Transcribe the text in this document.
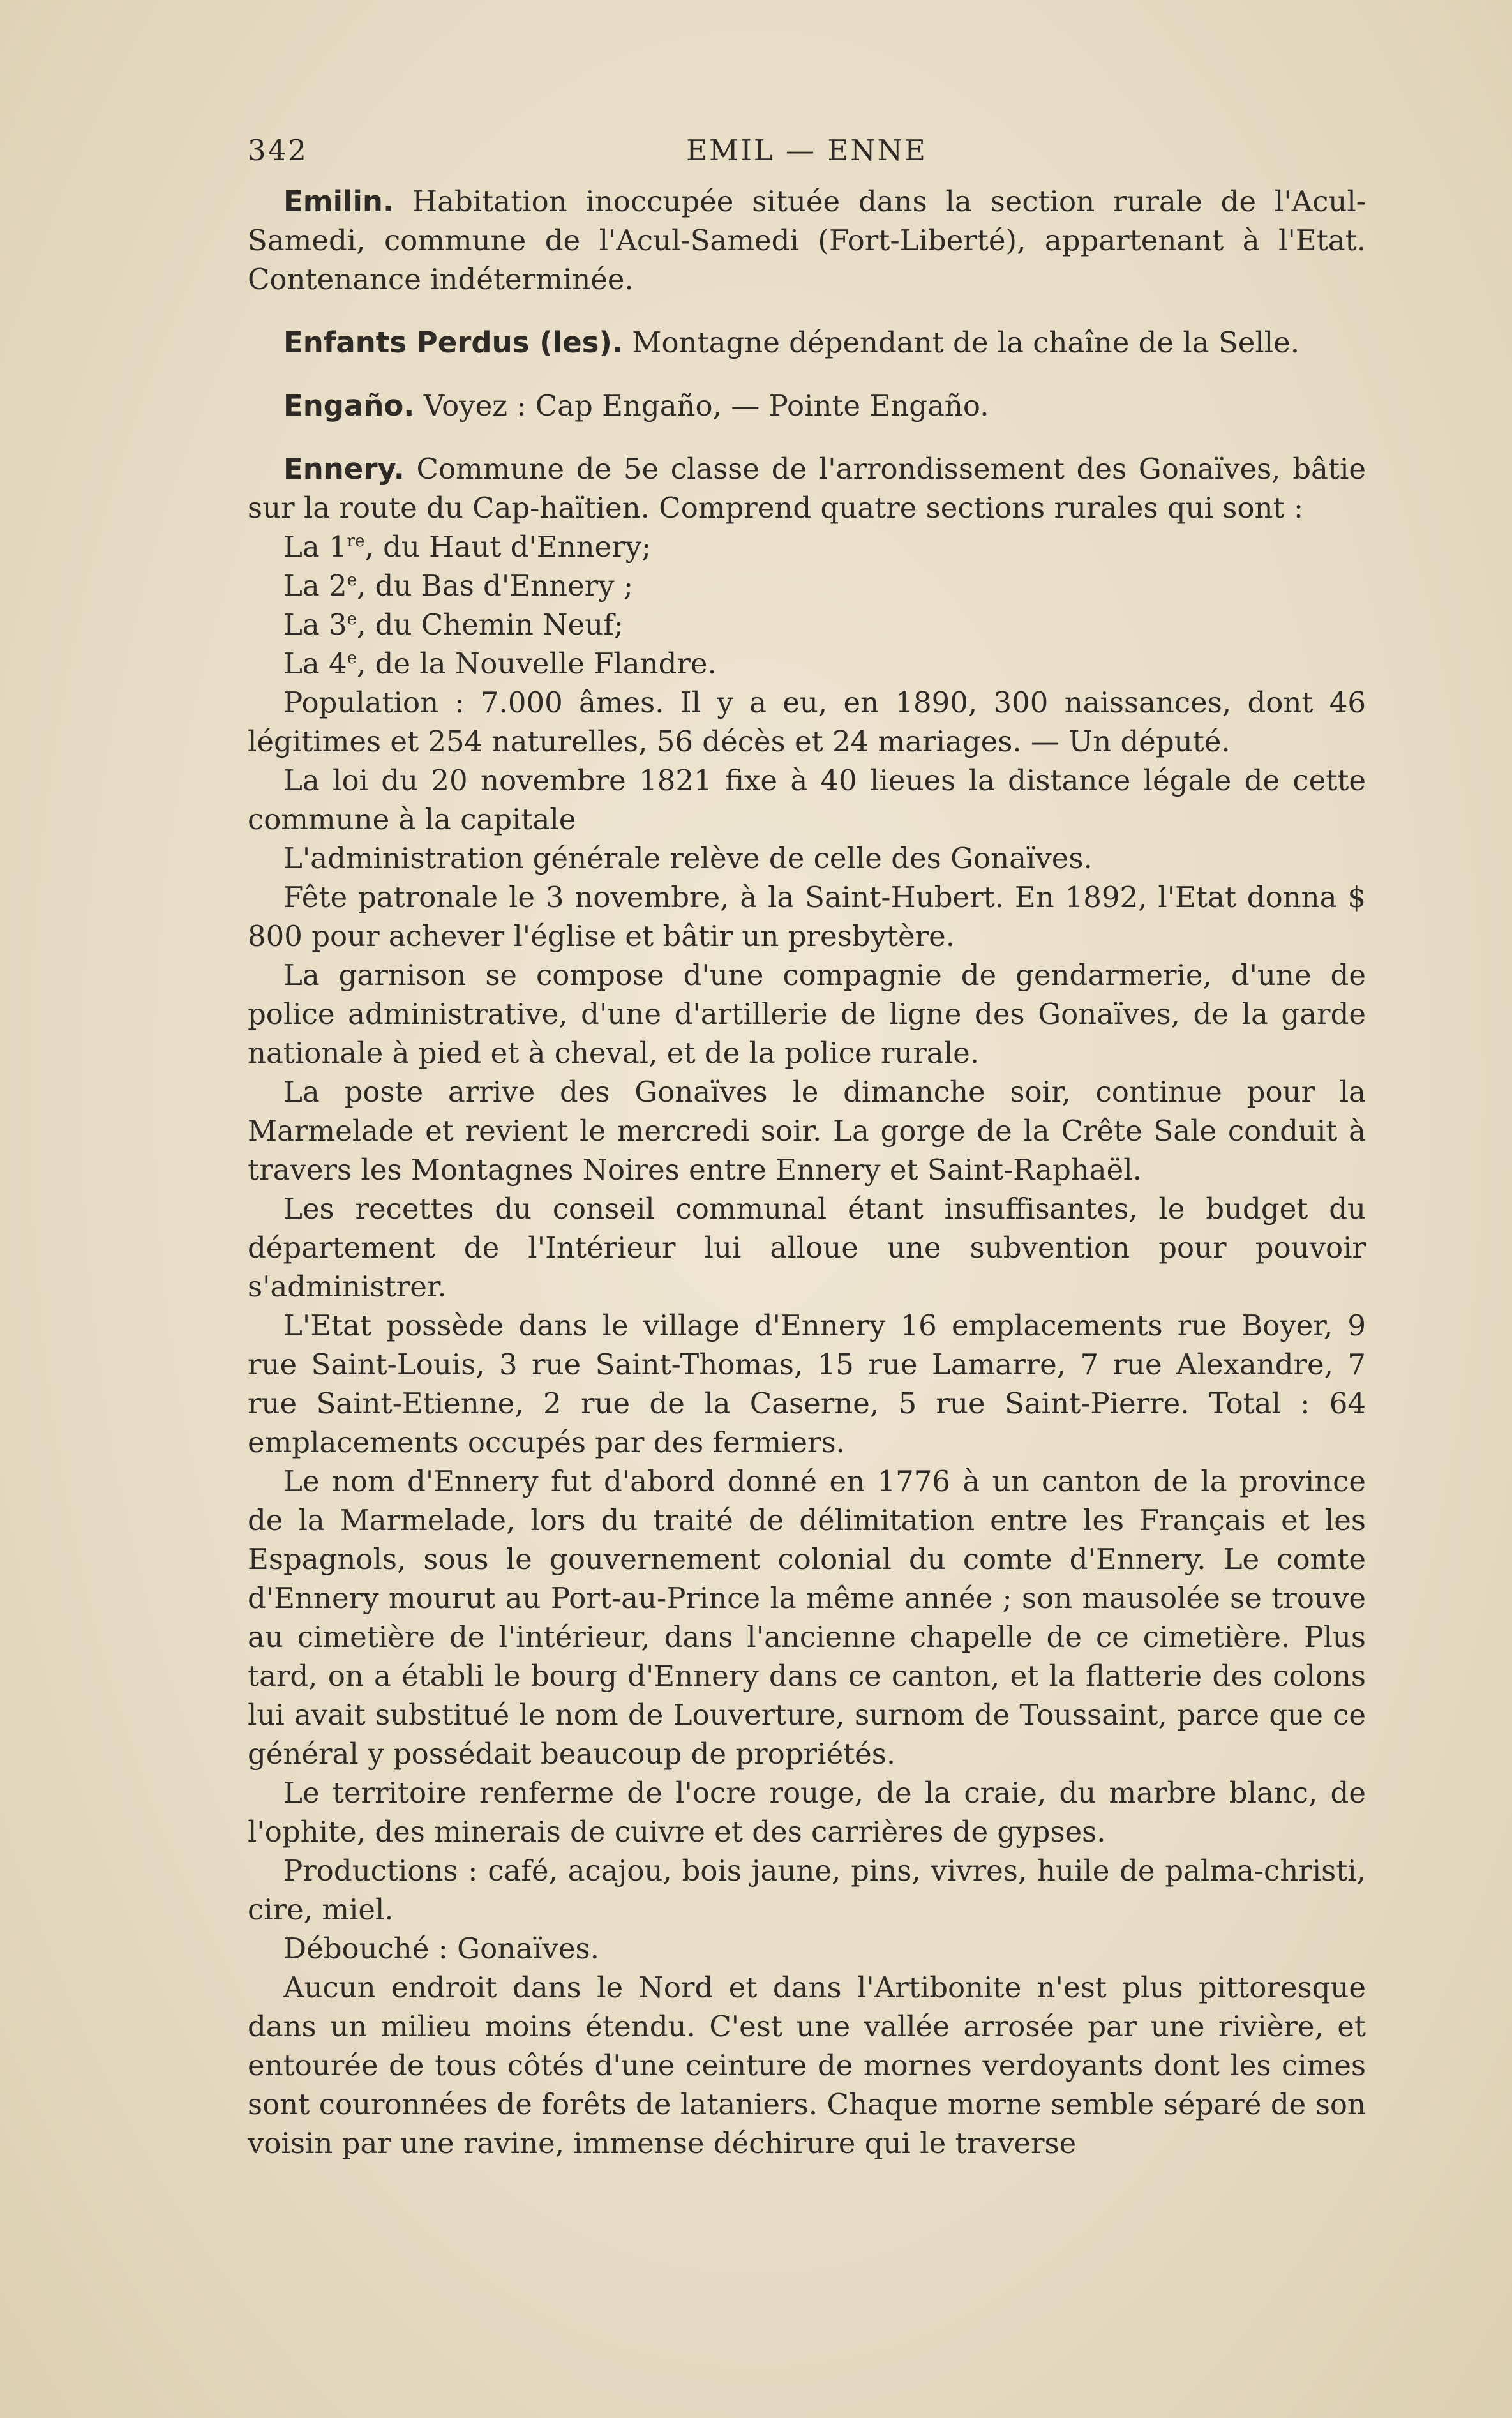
342	EMIL — ENNE

Emilin. Habitation inoccupée située dans la section rurale de l'Acul-Samedi, commune de l'Acul-Samedi (Fort-Liberté), appartenant à l'Etat. Contenance indéterminée.

Enfants Perdus (les). Montagne dépendant de la chaîne de la Selle.

Engaño. Voyez : Cap Engaño, — Pointe Engaño.

Ennery. Commune de 5e classe de l'arrondissement des Gonaïves, bâtie sur la route du Cap-haïtien. Comprend quatre sections rurales qui sont :

La 1re, du Haut d'Ennery;

La 2e, du Bas d'Ennery ;

La 3e, du Chemin Neuf;

La 4e, de la Nouvelle Flandre.

Population : 7.000 âmes. Il y a eu, en 1890, 300 naissances, dont 46 légitimes et 254 naturelles, 56 décès et 24 mariages. — Un député.

La loi du 20 novembre 1821 fixe à 40 lieues la distance légale de cette commune à la capitale

L'administration générale relève de celle des Gonaïves.

Fête patronale le 3 novembre, à la Saint-Hubert. En 1892, l'Etat donna $ 800 pour achever l'église et bâtir un presbytère.

La garnison se compose d'une compagnie de gendarmerie, d'une de police administrative, d'une d'artillerie de ligne des Gonaïves, de la garde nationale à pied et à cheval, et de la police rurale.

La poste arrive des Gonaïves le dimanche soir, continue pour la Marmelade et revient le mercredi soir. La gorge de la Crête Sale conduit à travers les Montagnes Noires entre Ennery et Saint-Raphaël.

Les recettes du conseil communal étant insuffisantes, le budget du département de l'Intérieur lui alloue une subvention pour pouvoir s'administrer.

L'Etat possède dans le village d'Ennery 16 emplacements rue Boyer, 9 rue Saint-Louis, 3 rue Saint-Thomas, 15 rue Lamarre, 7 rue Alexandre, 7 rue Saint-Etienne, 2 rue de la Caserne, 5 rue Saint-Pierre. Total : 64 emplacements occupés par des fermiers.

Le nom d'Ennery fut d'abord donné en 1776 à un canton de la province de la Marmelade, lors du traité de délimitation entre les Français et les Espagnols, sous le gouvernement colonial du comte d'Ennery. Le comte d'Ennery mourut au Port-au-Prince la même année ; son mausolée se trouve au cimetière de l'intérieur, dans l'ancienne chapelle de ce cimetière. Plus tard, on a établi le bourg d'Ennery dans ce canton, et la flatterie des colons lui avait substitué le nom de Louverture, surnom de Toussaint, parce que ce général y possédait beaucoup de propriétés.

Le territoire renferme de l'ocre rouge, de la craie, du marbre blanc, de l'ophite, des minerais de cuivre et des carrières de gypses.

Productions : café, acajou, bois jaune, pins, vivres, huile de palma-christi, cire, miel.

Débouché : Gonaïves.

Aucun endroit dans le Nord et dans l'Artibonite n'est plus pittoresque dans un milieu moins étendu. C'est une vallée arrosée par une rivière, et entourée de tous côtés d'une ceinture de mornes verdoyants dont les cimes sont couronnées de forêts de lataniers. Chaque morne semble séparé de son voisin par une ravine, immense déchirure qui le traverse
